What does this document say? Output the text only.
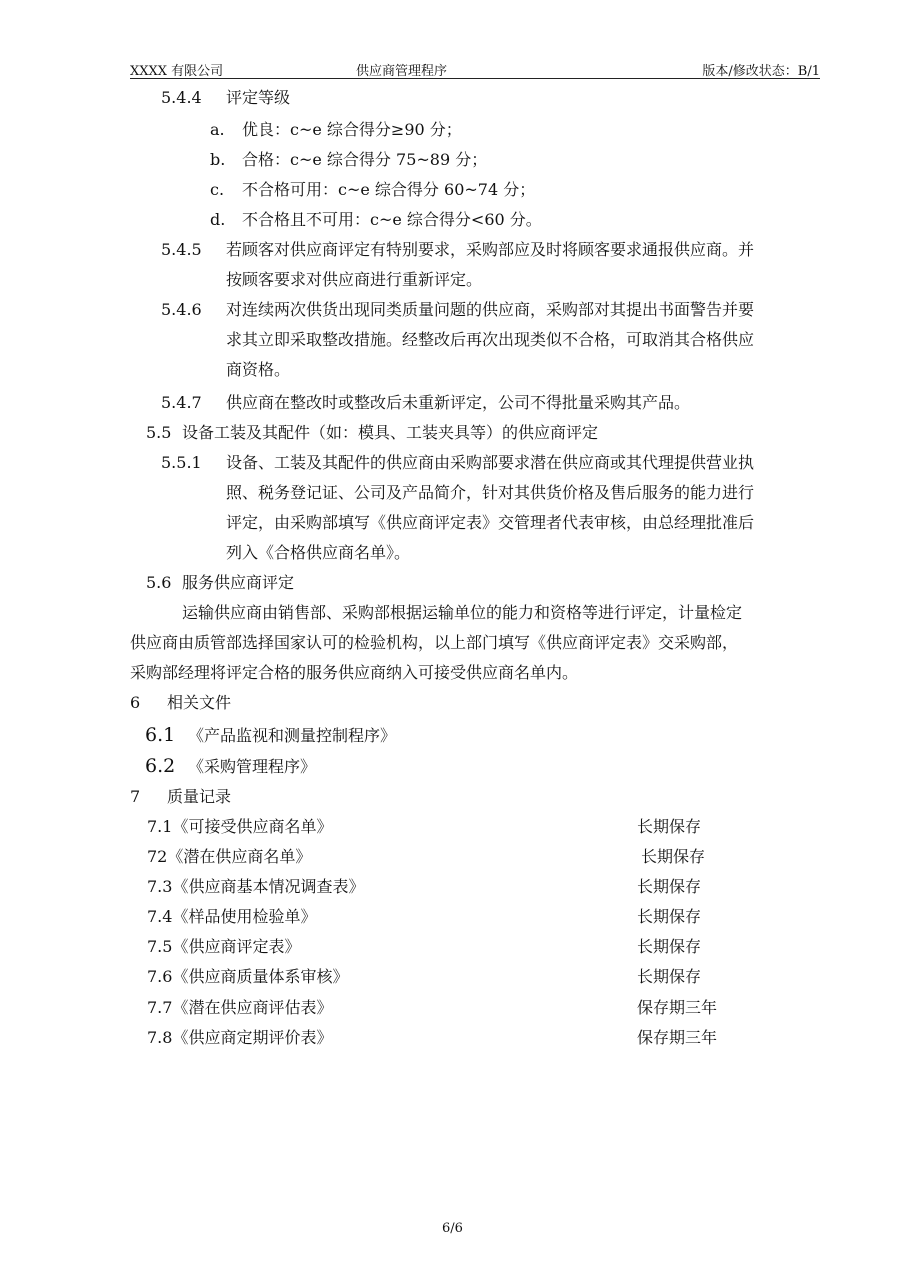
XXXX 有限公司	供应商管理程序	版本/修改状态：B/1
5.4.4 评定等级
a. 优良：c~e 综合得分≥90 分；
b. 合格：c~e 综合得分 75~89 分；
c. 不合格可用：c~e 综合得分 60~74 分；
d. 不合格且不可用：c~e 综合得分<60 分。
5.4.5 若顾客对供应商评定有特别要求，采购部应及时将顾客要求通报供应商。并
按顾客要求对供应商进行重新评定。
5.4.6 对连续两次供货出现同类质量问题的供应商，采购部对其提出书面警告并要
求其立即采取整改措施。经整改后再次出现类似不合格，可取消其合格供应
商资格。
5.4.7 供应商在整改时或整改后未重新评定，公司不得批量采购其产品。
5.5 设备工装及其配件（如：模具、工装夹具等）的供应商评定
5.5.1 设备、工装及其配件的供应商由采购部要求潜在供应商或其代理提供营业执
照、税务登记证、公司及产品简介，针对其供货价格及售后服务的能力进行
评定，由采购部填写《供应商评定表》交管理者代表审核，由总经理批准后
列入《合格供应商名单》。
5.6 服务供应商评定
运输供应商由销售部、采购部根据运输单位的能力和资格等进行评定，计量检定
供应商由质管部选择国家认可的检验机构，以上部门填写《供应商评定表》交采购部，
采购部经理将评定合格的服务供应商纳入可接受供应商名单内。
6 相关文件
6.1 《产品监视和测量控制程序》
6.2 《采购管理程序》
7 质量记录
7.1《可接受供应商名单》	长期保存
72《潜在供应商名单》	长期保存
7.3《供应商基本情况调查表》	长期保存
7.4《样品使用检验单》	长期保存
7.5《供应商评定表》	长期保存
7.6《供应商质量体系审核》	长期保存
7.7《潜在供应商评估表》	保存期三年
7.8《供应商定期评价表》	保存期三年
6/6
